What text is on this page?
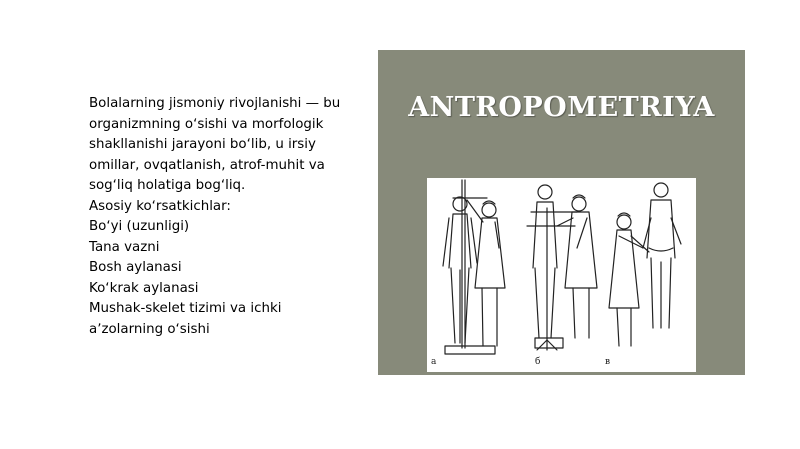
Bolalarning jismoniy rivojlanishi — bu organizmning oʻsishi va morfologik shakllanishi jarayoni boʻlib, u irsiy omillar, ovqatlanish, atrof-muhit va sogʻliq holatiga bogʻliq.

Asosiy koʻrsatkichlar:

Boʻyi (uzunligi)

Tana vazni

Bosh aylanasi

Koʻkrak aylanasi

Mushak-skelet tizimi va ichki aʼzolarning oʻsishi

ANTROPOMETRIYA
а	б	в
